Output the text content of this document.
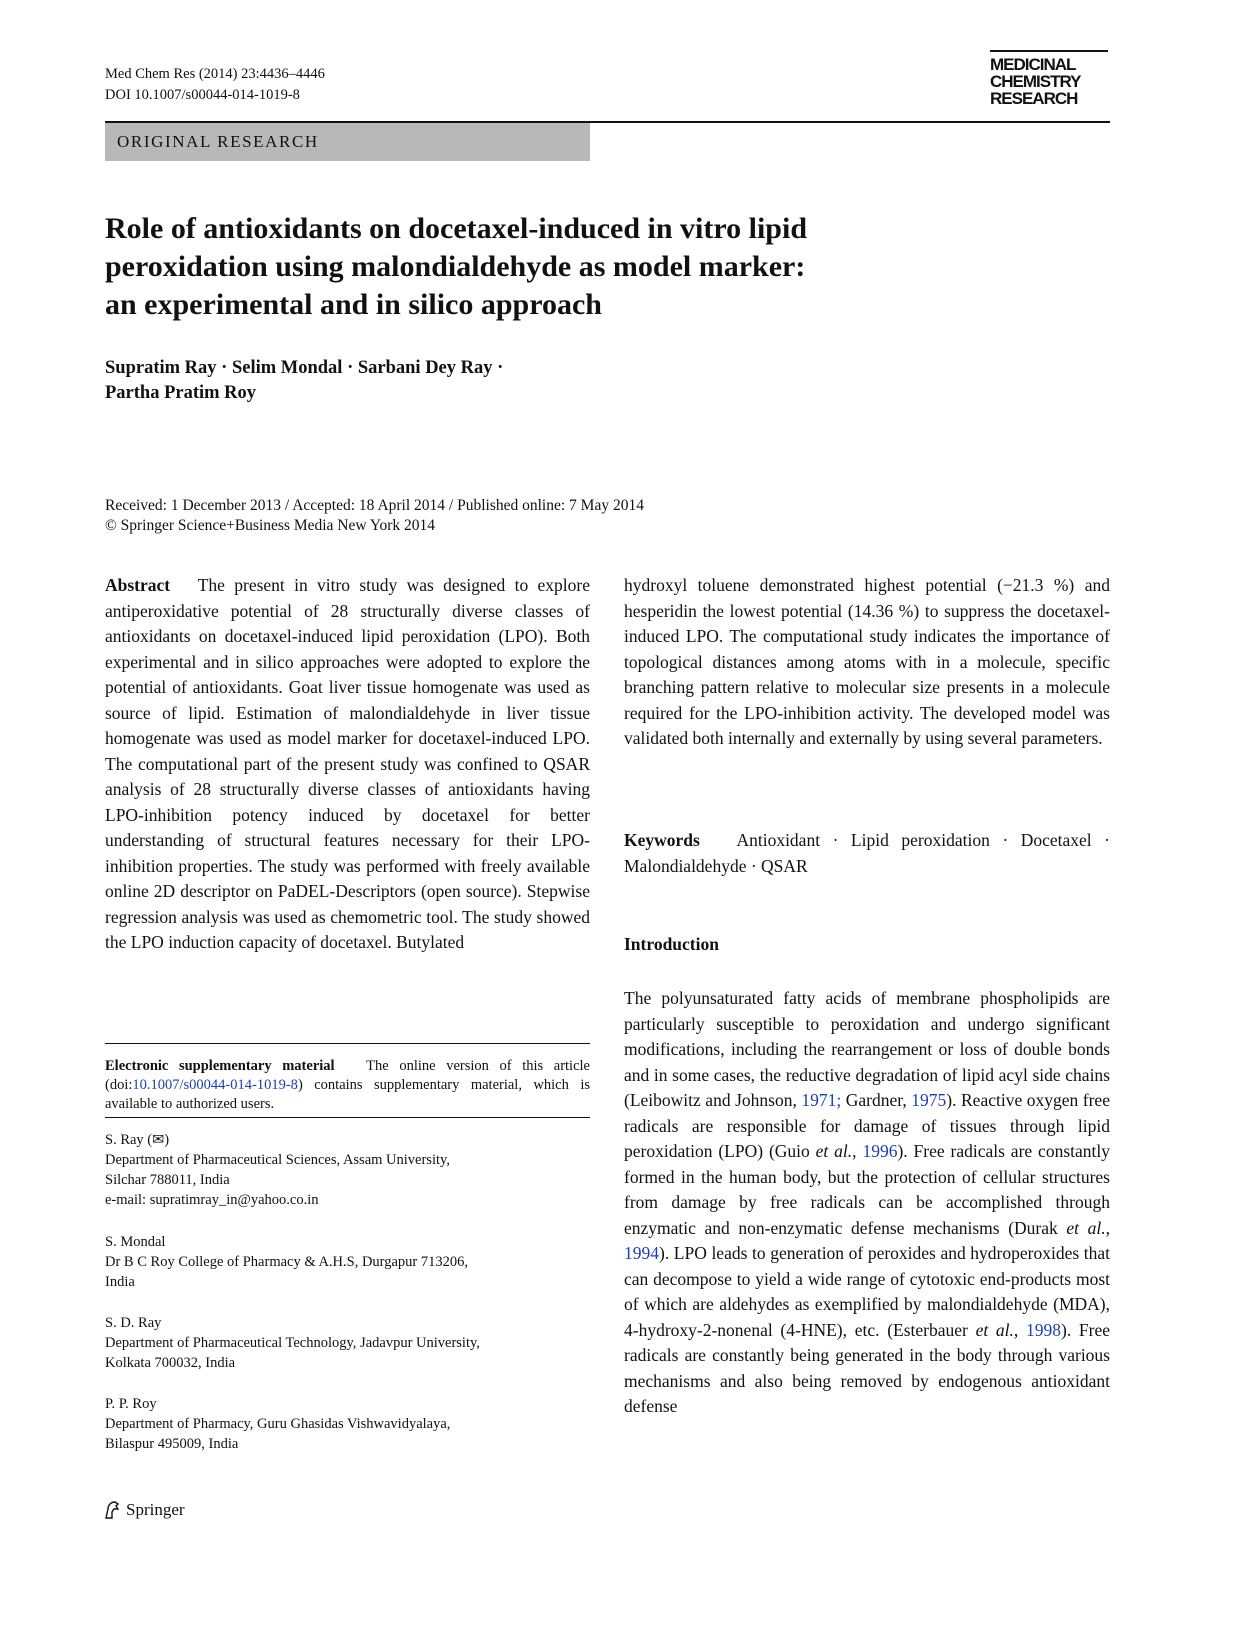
Med Chem Res (2014) 23:4436–4446
DOI 10.1007/s00044-014-1019-8
MEDICINAL
CHEMISTRY
RESEARCH
ORIGINAL RESEARCH
Role of antioxidants on docetaxel-induced in vitro lipid
peroxidation using malondialdehyde as model marker:
an experimental and in silico approach
Supratim Ray · Selim Mondal · Sarbani Dey Ray ·
Partha Pratim Roy
Received: 1 December 2013 / Accepted: 18 April 2014 / Published online: 7 May 2014
© Springer Science+Business Media New York 2014
Abstract The present in vitro study was designed to explore antiperoxidative potential of 28 structurally diverse classes of antioxidants on docetaxel-induced lipid peroxidation (LPO). Both experimental and in silico approaches were adopted to explore the potential of antioxidants. Goat liver tissue homogenate was used as source of lipid. Estimation of malondialdehyde in liver tissue homogenate was used as model marker for docetaxel-induced LPO. The computational part of the present study was confined to QSAR analysis of 28 structurally diverse classes of antioxidants having LPO-inhibition potency induced by docetaxel for better understanding of structural features necessary for their LPO-inhibition properties. The study was performed with freely available online 2D descriptor on PaDEL-Descriptors (open source). Stepwise regression analysis was used as chemometric tool. The study showed the LPO induction capacity of docetaxel. Butylated
Electronic supplementary material The online version of this article (doi:10.1007/s00044-014-1019-8) contains supplementary material, which is available to authorized users.
S. Ray (✉)
Department of Pharmaceutical Sciences, Assam University,
Silchar 788011, India
e-mail: supratimray_in@yahoo.co.in
S. Mondal
Dr B C Roy College of Pharmacy & A.H.S, Durgapur 713206,
India
S. D. Ray
Department of Pharmaceutical Technology, Jadavpur University,
Kolkata 700032, India
P. P. Roy
Department of Pharmacy, Guru Ghasidas Vishwavidyalaya,
Bilaspur 495009, India
hydroxyl toluene demonstrated highest potential (−21.3 %) and hesperidin the lowest potential (14.36 %) to suppress the docetaxel-induced LPO. The computational study indicates the importance of topological distances among atoms with in a molecule, specific branching pattern relative to molecular size presents in a molecule required for the LPO-inhibition activity. The developed model was validated both internally and externally by using several parameters.
Keywords Antioxidant · Lipid peroxidation · Docetaxel · Malondialdehyde · QSAR
Introduction
The polyunsaturated fatty acids of membrane phospholipids are particularly susceptible to peroxidation and undergo significant modifications, including the rearrangement or loss of double bonds and in some cases, the reductive degradation of lipid acyl side chains (Leibowitz and Johnson, 1971; Gardner, 1975). Reactive oxygen free radicals are responsible for damage of tissues through lipid peroxidation (LPO) (Guio et al., 1996). Free radicals are constantly formed in the human body, but the protection of cellular structures from damage by free radicals can be accomplished through enzymatic and non-enzymatic defense mechanisms (Durak et al., 1994). LPO leads to generation of peroxides and hydroperoxides that can decompose to yield a wide range of cytotoxic end-products most of which are aldehydes as exemplified by malondialdehyde (MDA), 4-hydroxy-2-nonenal (4-HNE), etc. (Esterbauer et al., 1998). Free radicals are constantly being generated in the body through various mechanisms and also being removed by endogenous antioxidant defense
Springer
